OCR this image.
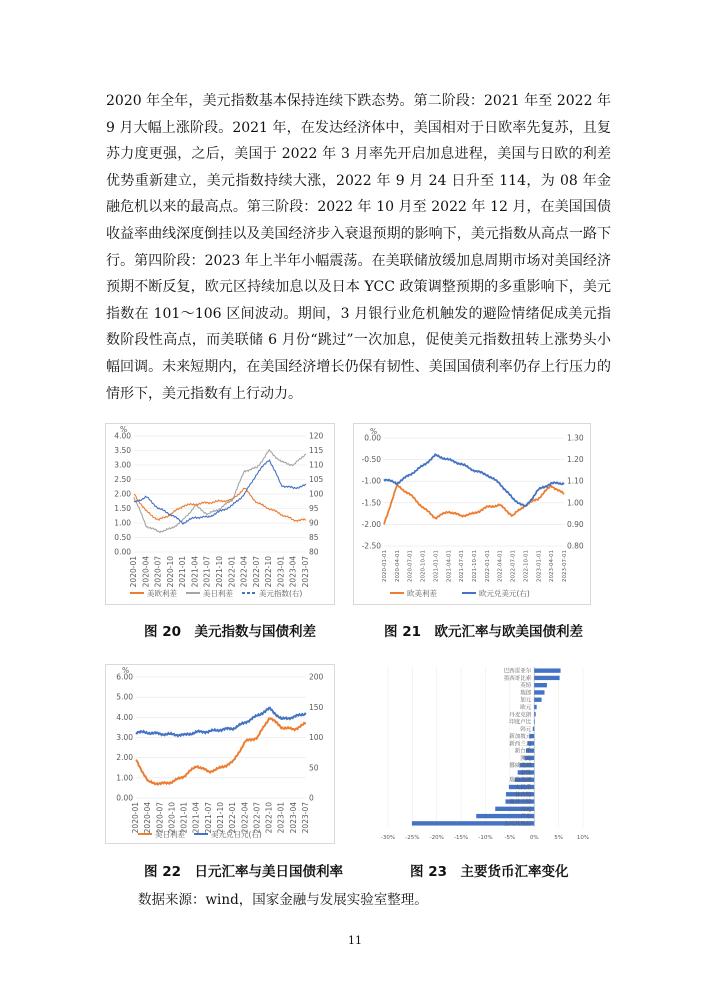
2020 年全年，美元指数基本保持连续下跌态势。第二阶段：2021 年至 2022 年 9 月大幅上涨阶段。2021 年，在发达经济体中，美国相对于日欧率先复苏，且复苏力度更强，之后，美国于 2022 年 3 月率先开启加息进程，美国与日欧的利差优势重新建立，美元指数持续大涨，2022 年 9 月 24 日升至 114，为 08 年金融危机以来的最高点。第三阶段：2022 年 10 月至 2022 年 12 月，在美国国债收益率曲线深度倒挂以及美国经济步入衰退预期的影响下，美元指数从高点一路下行。第四阶段：2023 年上半年小幅震荡。在美联储放缓加息周期市场对美国经济预期不断反复，欧元区持续加息以及日本 YCC 政策调整预期的多重影响下，美元指数在 101～106 区间波动。期间，3 月银行业危机触发的避险情绪促成美元指数阶段性高点，而美联储 6 月份“跳过”一次加息，促使美元指数扭转上涨势头小幅回调。未来短期内，在美国经济增长仍保有韧性、美国国债利率仍存上行压力的情形下，美元指数有上行动力。

%
0.00
0.50
1.00
1.50
2.00
2.50
3.00
3.50
4.00
80
85
90
95
100
105
110
115
120
2020-01 2020-04 2020-07 2020-10 2021-01 2021-04 2021-07 2021-10 2022-01 2022-04 2022-07 2022-10 2023-01 2023-04 2023-07
美欧利差	美日利差	美元指数(右)
%
-2.50
-2.00
-1.50
-1.00
-0.50
0.00
0.80
0.90
1.00
1.10
1.20
1.30
2020-01-01 2020-04-01 2020-07-01 2020-10-01 2021-01-01 2021-04-01 2021-07-01 2021-10-01 2022-01-01 2022-04-01 2022-07-01 2022-10-01 2023-01-01 2023-04-01 2023-07-01
欧美利差	欧元兑美元(右)
%
0.00
1.00
2.00
3.00
4.00
5.00
6.00
0
50
100
150
200
2020-01 2020-04 2020-07 2020-10 2021-01 2021-04 2021-07 2021-10 2022-01 2022-04 2022-07 2022-10 2023-01 2023-04 2023-07
美日利差	美元兑日元(右)	-30% -25% -20% -15% -10% -5%	0%	5%	10%
巴西雷亚尔
墨西哥比索
英镑
瑞郎
加元
欧元
丹麦克朗
印度卢比
韩元
新加坡元
新西兰元
新台币
澳元
挪威克朗
泰铢
瑞典克朗
人民币
林吉特
南非兰特
日元
卢布
土耳其里拉
图 20　美元指数与国债利差	图 21　欧元汇率与欧美国债利差
图 22　日元汇率与美日国债利率	图 23　主要货币汇率变化
数据来源：wind，国家金融与发展实验室整理。
11
